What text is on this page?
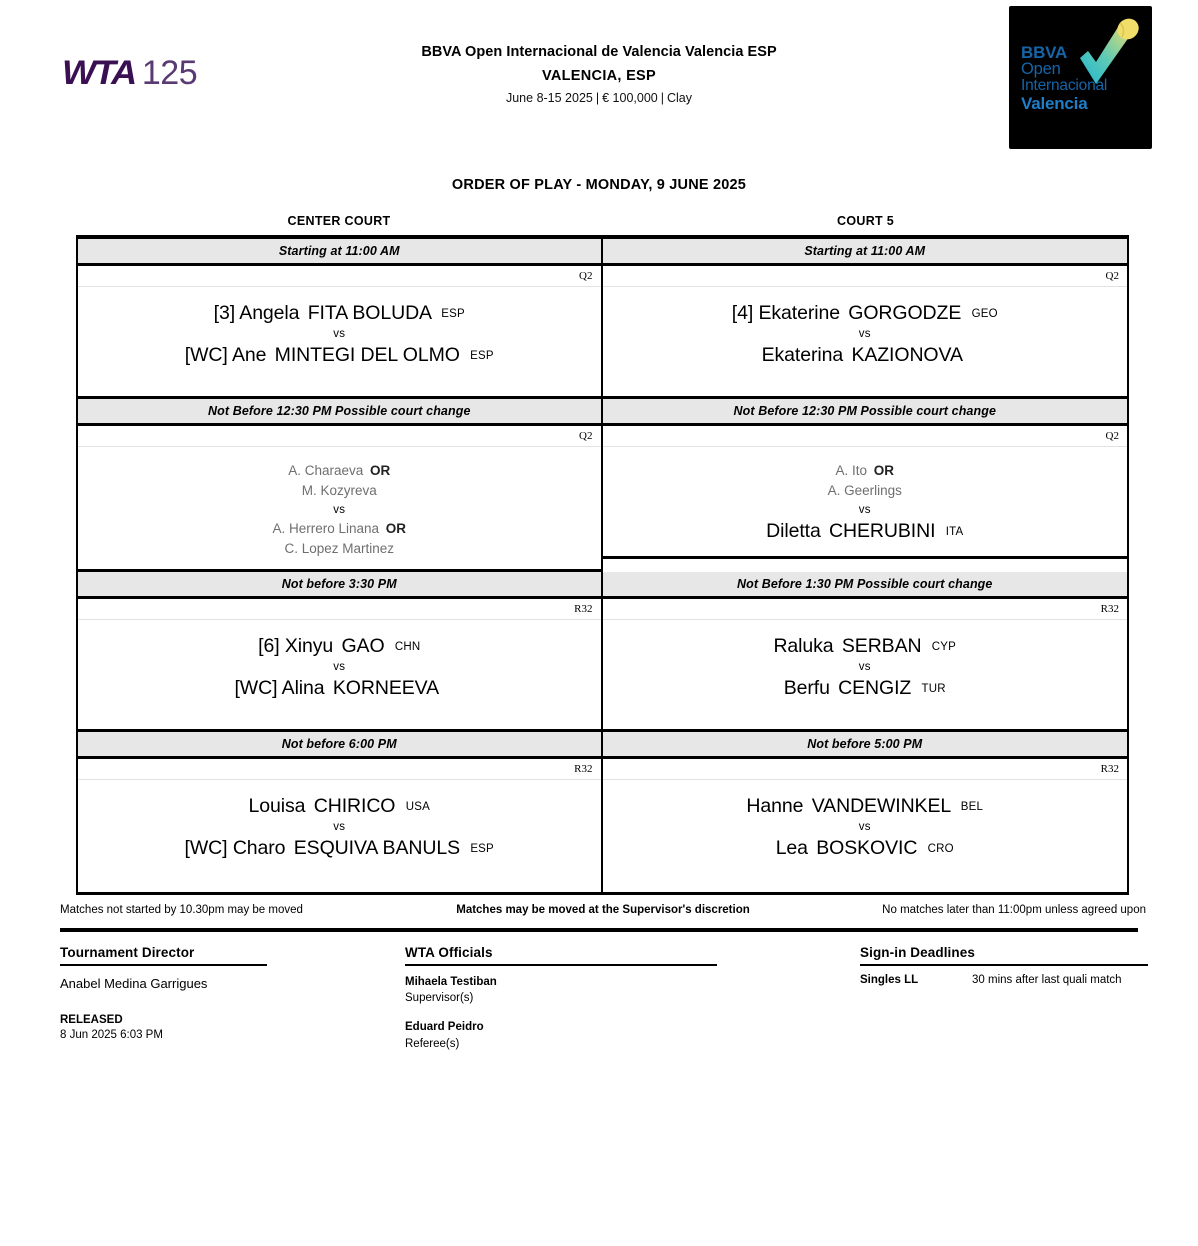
WTA 125
BBVA Open Internacional de Valencia Valencia ESP
VALENCIA, ESP
June 8-15 2025 | € 100,000 | Clay
BBVA
Open
Internacional
Valencia
ORDER OF PLAY - MONDAY, 9 JUNE 2025
CENTER COURT	COURT 5
Starting at 11:00 AM
Q2
[3] Angela FITA BOLUDA ESP
vs
[WC] Ane MINTEGI DEL OLMO ESP
Starting at 11:00 AM
Q2
[4] Ekaterine GORGODZE GEO
vs
Ekaterina KAZIONOVA
Not Before 12:30 PM Possible court change
Q2
A. Charaeva OR
M. Kozyreva
vs
A. Herrero Linana OR
C. Lopez Martinez
Not Before 12:30 PM Possible court change
Q2
A. Ito OR
A. Geerlings
vs
Diletta CHERUBINI ITA
Not before 3:30 PM
R32
[6] Xinyu GAO CHN
vs
[WC] Alina KORNEEVA
Not Before 1:30 PM Possible court change
R32
Raluka SERBAN CYP
vs
Berfu CENGIZ TUR
Not before 6:00 PM
R32
Louisa CHIRICO USA
vs
[WC] Charo ESQUIVA BANULS ESP
Not before 5:00 PM
R32
Hanne VANDEWINKEL BEL
vs
Lea BOSKOVIC CRO
Matches not started by 10.30pm may be moved	Matches may be moved at the Supervisor's discretion	No matches later than 11:00pm unless agreed upon
Tournament Director
Anabel Medina Garrigues
RELEASED
8 Jun 2025 6:03 PM
WTA Officials
Mihaela Testiban
Supervisor(s)
Eduard Peidro
Referee(s)
Sign-in Deadlines
Singles LL	30 mins after last quali match
